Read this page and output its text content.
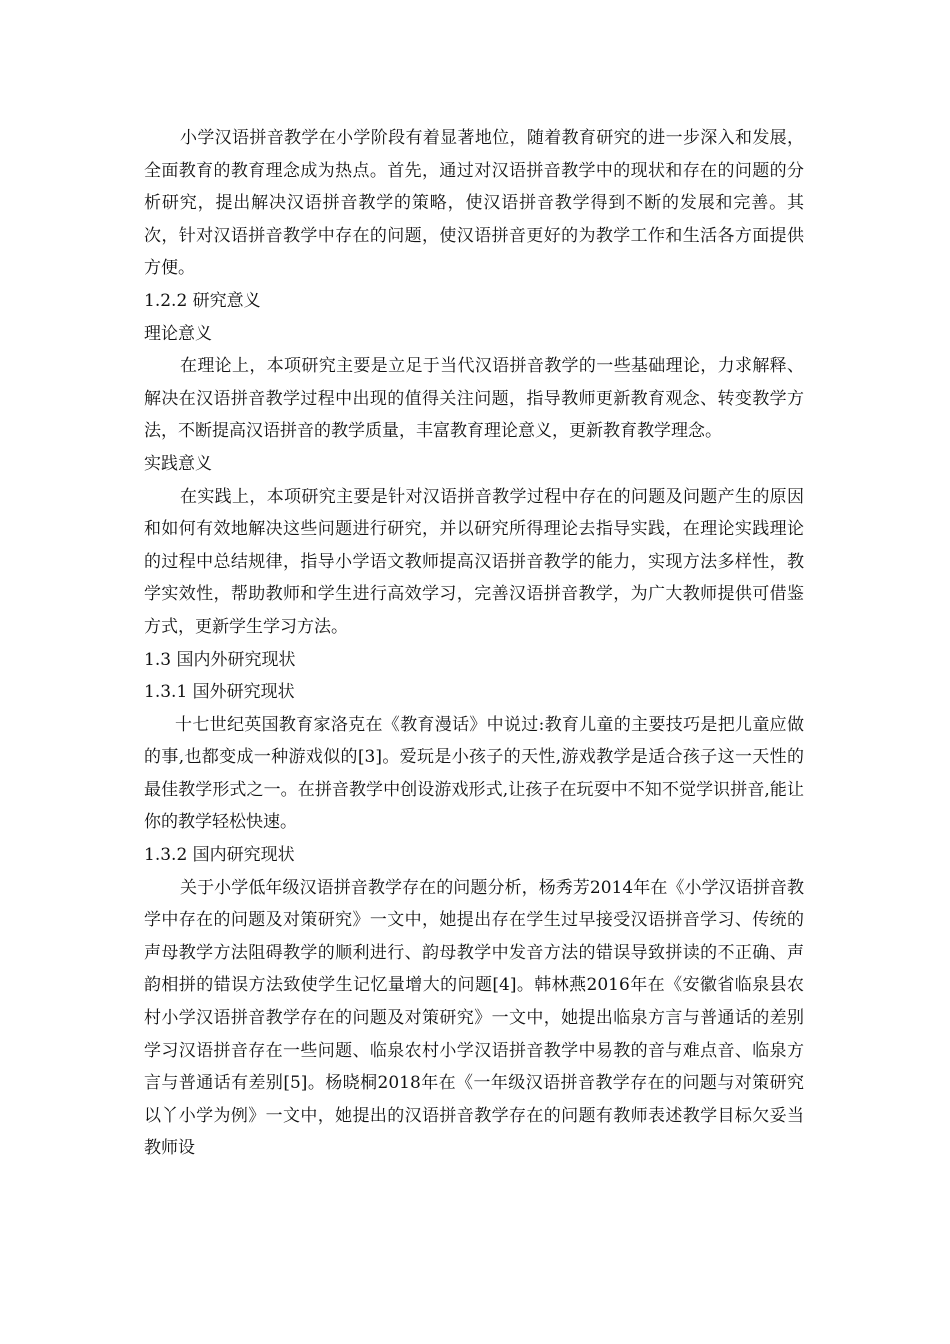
小学汉语拼音教学在小学阶段有着显著地位，随着教育研究的进一步深入和发展，全面教育的教育理念成为热点。首先，通过对汉语拼音教学中的现状和存在的问题的分析研究，提出解决汉语拼音教学的策略，使汉语拼音教学得到不断的发展和完善。其次，针对汉语拼音教学中存在的问题，使汉语拼音更好的为教学工作和生活各方面提供方便。

1.2.2 研究意义

理论意义

在理论上，本项研究主要是立足于当代汉语拼音教学的一些基础理论，力求解释、解决在汉语拼音教学过程中出现的值得关注问题，指导教师更新教育观念、转变教学方法，不断提高汉语拼音的教学质量，丰富教育理论意义，更新教育教学理念。

实践意义

在实践上，本项研究主要是针对汉语拼音教学过程中存在的问题及问题产生的原因和如何有效地解决这些问题进行研究，并以研究所得理论去指导实践，在理论实践理论的过程中总结规律，指导小学语文教师提高汉语拼音教学的能力，实现方法多样性，教学实效性，帮助教师和学生进行高效学习，完善汉语拼音教学，为广大教师提供可借鉴方式，更新学生学习方法。

1.3 国内外研究现状

1.3.1 国外研究现状

十七世纪英国教育家洛克在《教育漫话》中说过:教育儿童的主要技巧是把儿童应做的事,也都变成一种游戏似的[3]。爱玩是小孩子的天性,游戏教学是适合孩子这一天性的最佳教学形式之一。在拼音教学中创设游戏形式,让孩子在玩耍中不知不觉学识拼音,能让你的教学轻松快速。

1.3.2 国内研究现状

关于小学低年级汉语拼音教学存在的问题分析，杨秀芳2014年在《小学汉语拼音教学中存在的问题及对策研究》一文中，她提出存在学生过早接受汉语拼音学习、传统的声母教学方法阻碍教学的顺利进行、韵母教学中发音方法的错误导致拼读的不正确、声韵相拼的错误方法致使学生记忆量增大的问题[4]。韩林燕2016年在《安徽省临泉县农村小学汉语拼音教学存在的问题及对策研究》一文中，她提出临泉方言与普通话的差别学习汉语拼音存在一些问题、临泉农村小学汉语拼音教学中易教的音与难点音、临泉方言与普通话有差别[5]。杨晓桐2018年在《一年级汉语拼音教学存在的问题与对策研究以丫小学为例》一文中，她提出的汉语拼音教学存在的问题有教师表述教学目标欠妥当教师设
